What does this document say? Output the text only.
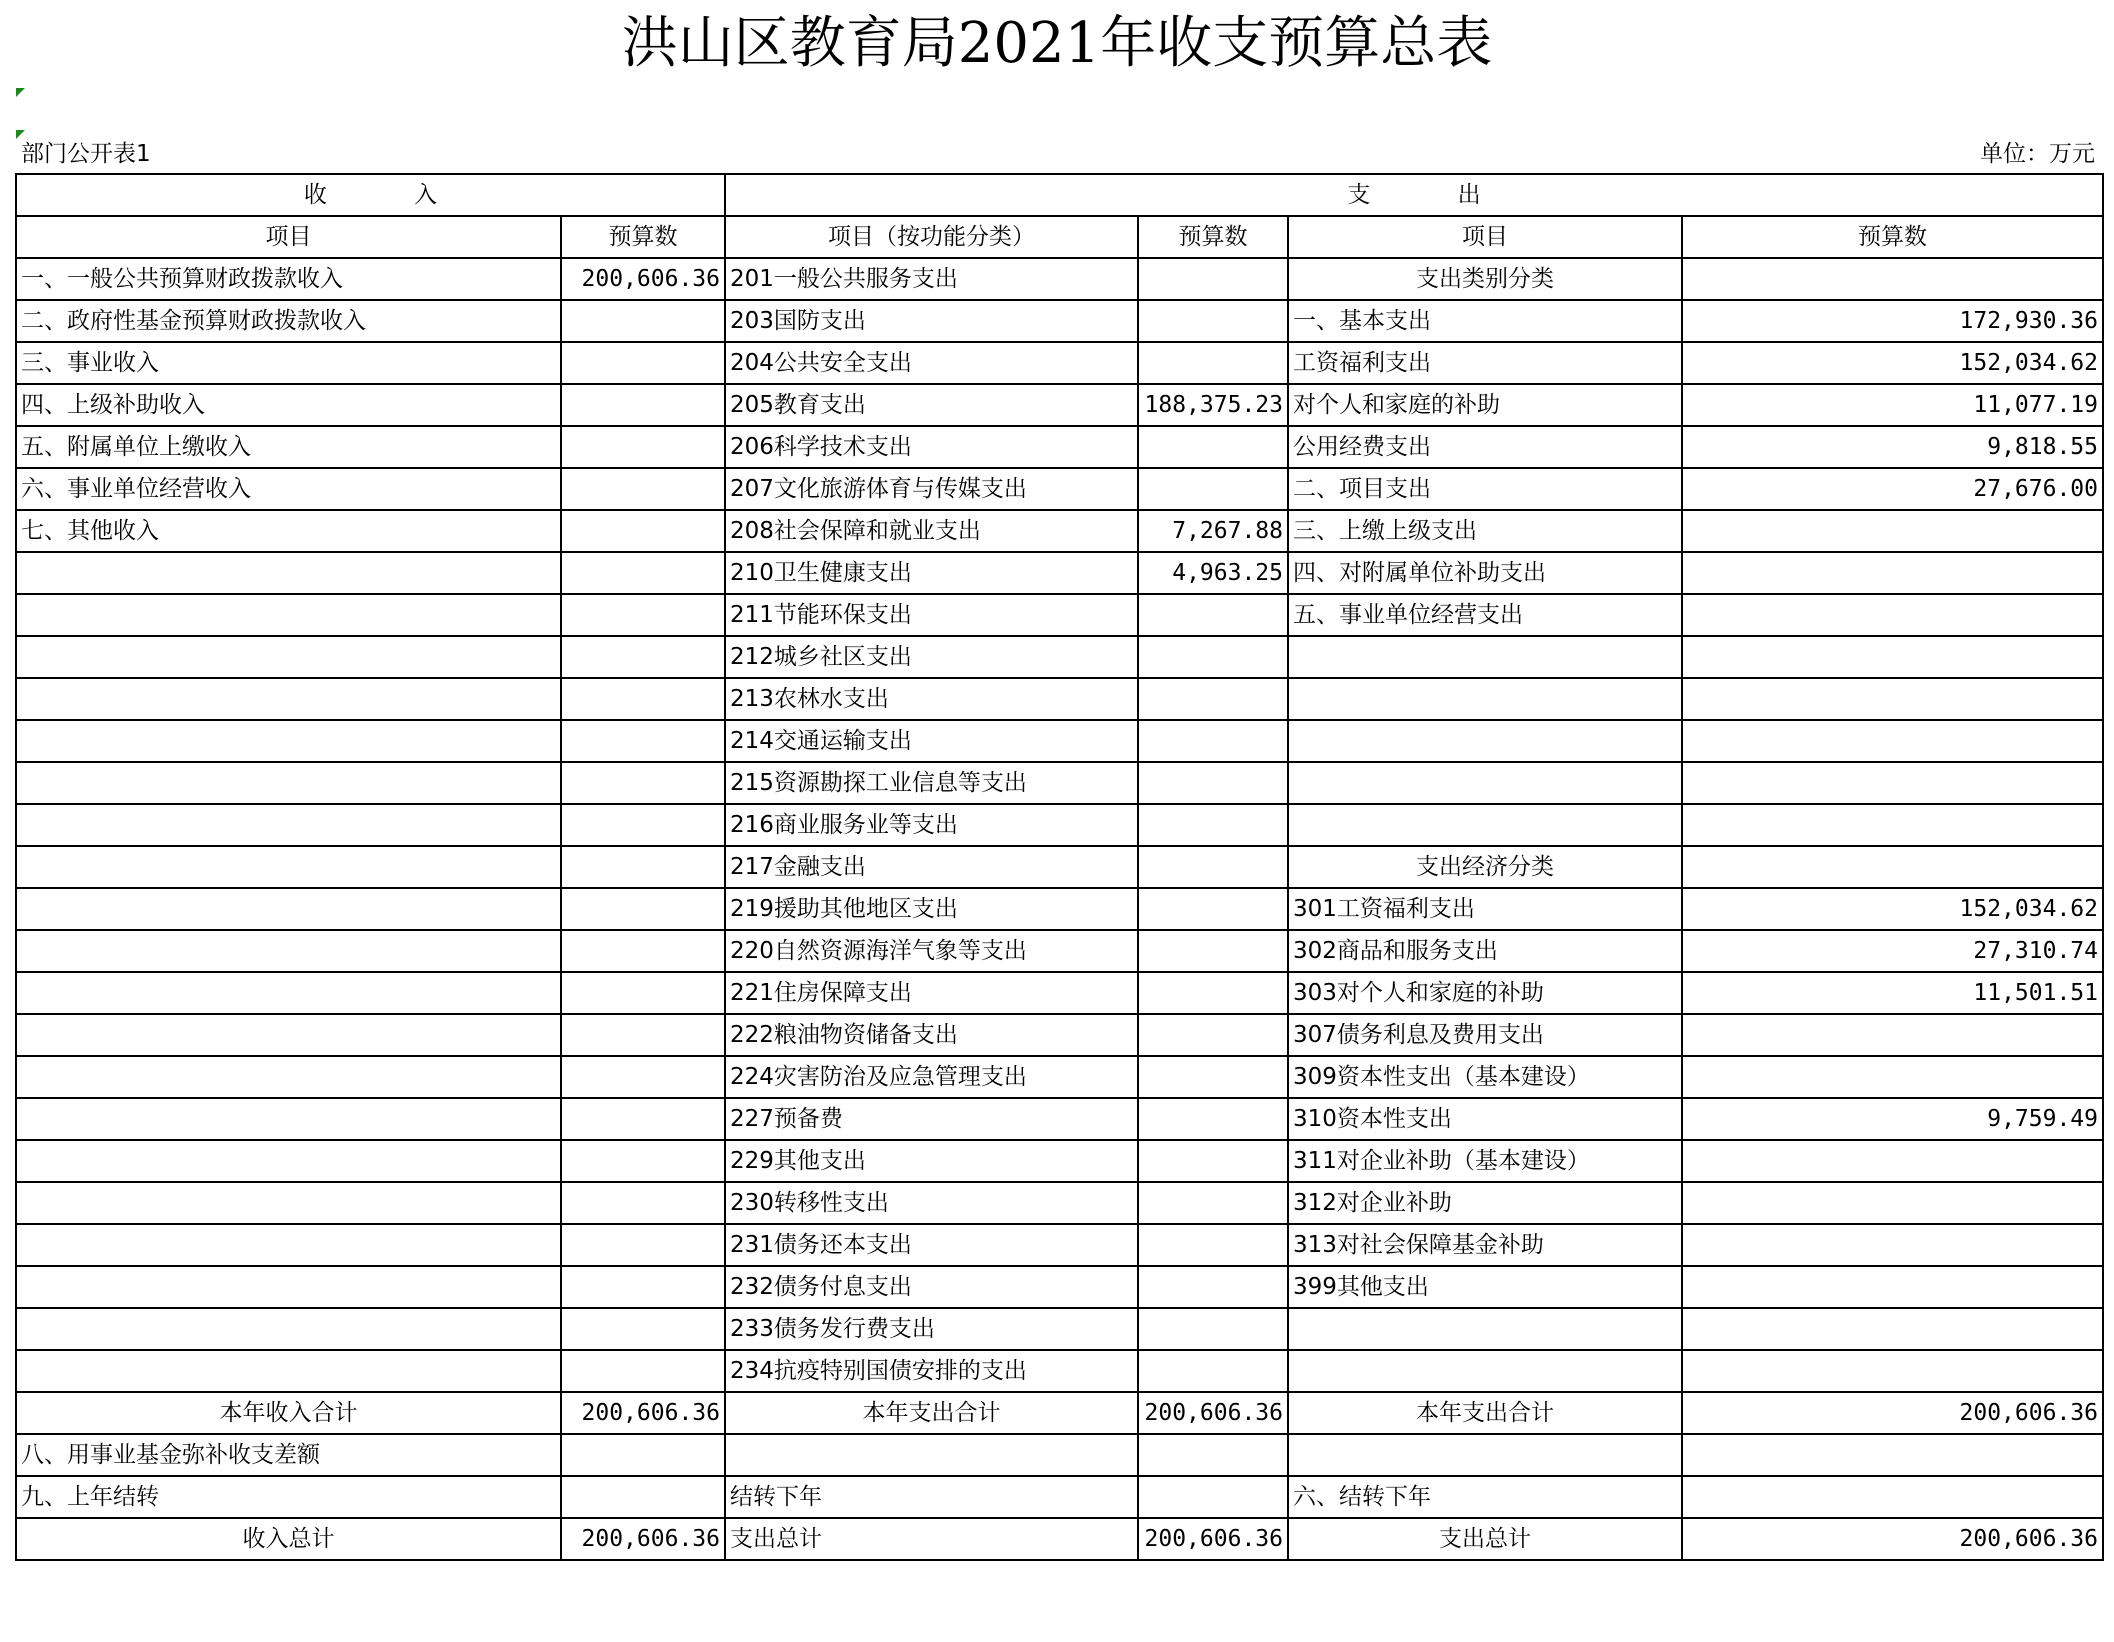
洪山区教育局2021年收支预算总表
部门公开表1	单位：万元
收 入		支 出			
项目	预算数	项目（按功能分类）	预算数	项目	预算数
一、一般公共预算财政拨款收入	200,606.36	201一般公共服务支出		支出类别分类	
二、政府性基金预算财政拨款收入		203国防支出		一、基本支出	172,930.36
三、事业收入		204公共安全支出		工资福利支出	152,034.62
四、上级补助收入		205教育支出	188,375.23	对个人和家庭的补助	11,077.19
五、附属单位上缴收入		206科学技术支出		公用经费支出	9,818.55
六、事业单位经营收入		207文化旅游体育与传媒支出		二、项目支出	27,676.00
七、其他收入		208社会保障和就业支出	7,267.88	三、上缴上级支出	
		210卫生健康支出	4,963.25	四、对附属单位补助支出	
		211节能环保支出		五、事业单位经营支出	
		212城乡社区支出			
		213农林水支出			
		214交通运输支出			
		215资源勘探工业信息等支出			
		216商业服务业等支出			
		217金融支出		支出经济分类	
		219援助其他地区支出		301工资福利支出	152,034.62
		220自然资源海洋气象等支出		302商品和服务支出	27,310.74
		221住房保障支出		303对个人和家庭的补助	11,501.51
		222粮油物资储备支出		307债务利息及费用支出	
		224灾害防治及应急管理支出		309资本性支出（基本建设）	
		227预备费		310资本性支出	9,759.49
		229其他支出		311对企业补助（基本建设）	
		230转移性支出		312对企业补助	
		231债务还本支出		313对社会保障基金补助	
		232债务付息支出		399其他支出	
		233债务发行费支出			
		234抗疫特别国债安排的支出			
本年收入合计	200,606.36	本年支出合计	200,606.36	本年支出合计	200,606.36
八、用事业基金弥补收支差额					
九、上年结转		结转下年		六、结转下年	
收入总计	200,606.36	支出总计	200,606.36	支出总计	200,606.36
